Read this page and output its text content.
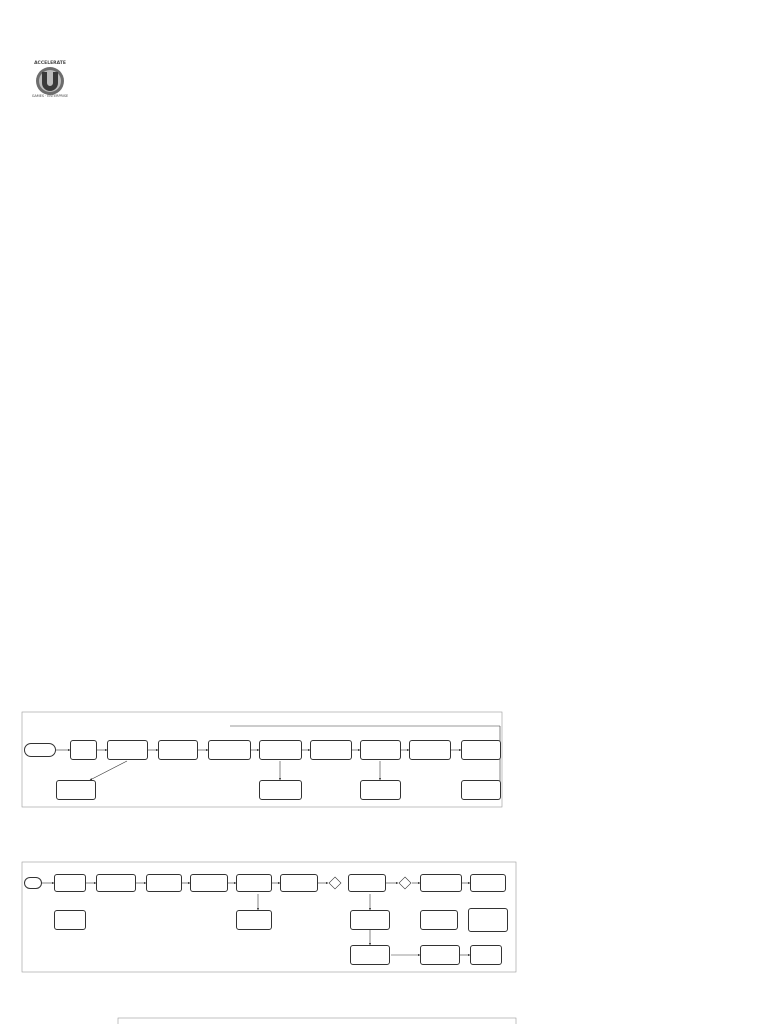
ACCELERATE
GAMES · ENTERPRISE
